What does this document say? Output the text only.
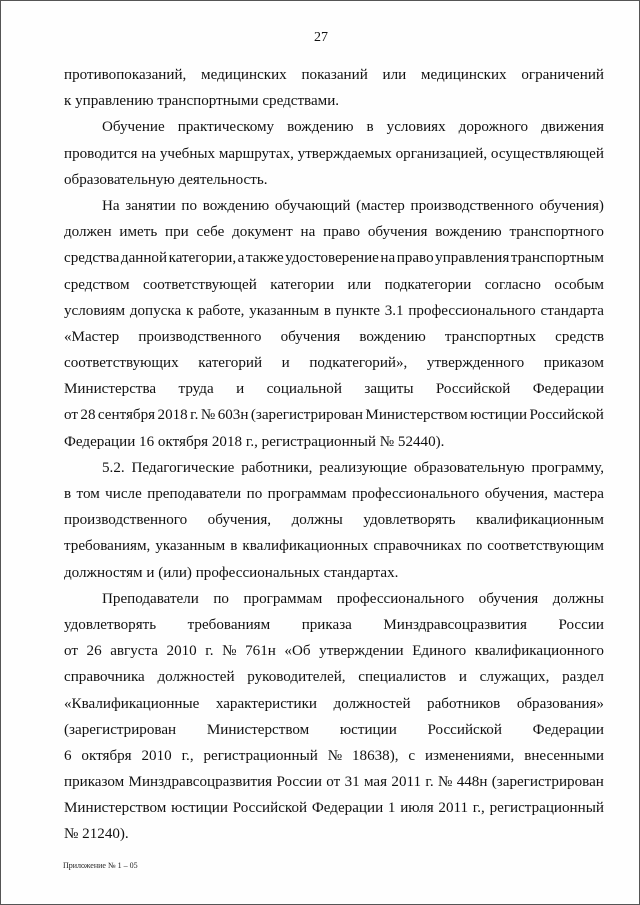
27
противопоказаний, медицинских показаний или медицинских ограничений
к управлению транспортными средствами.
Обучение практическому вождению в условиях дорожного движения
проводится на учебных маршрутах, утверждаемых организацией, осуществляющей
образовательную деятельность.
На занятии по вождению обучающий (мастер производственного обучения)
должен иметь при себе документ на право обучения вождению транспортного
средства данной категории, а также удостоверение на право управления транспортным
средством соответствующей категории или подкатегории согласно особым
условиям допуска к работе, указанным в пункте 3.1 профессионального стандарта
«Мастер производственного обучения вождению транспортных средств
соответствующих категорий и подкатегорий», утвержденного приказом
Министерства труда и социальной защиты Российской Федерации
от 28 сентября 2018 г. № 603н (зарегистрирован Министерством юстиции Российской
Федерации 16 октября 2018 г., регистрационный № 52440).
5.2. Педагогические работники, реализующие образовательную программу,
в том числе преподаватели по программам профессионального обучения, мастера
производственного обучения, должны удовлетворять квалификационным
требованиям, указанным в квалификационных справочниках по соответствующим
должностям и (или) профессиональных стандартах.
Преподаватели по программам профессионального обучения должны
удовлетворять требованиям приказа Минздравсоцразвития России
от 26 августа 2010 г. № 761н «Об утверждении Единого квалификационного
справочника должностей руководителей, специалистов и служащих, раздел
«Квалификационные характеристики должностей работников образования»
(зарегистрирован Министерством юстиции Российской Федерации
6 октября 2010 г., регистрационный № 18638), с изменениями, внесенными
приказом Минздравсоцразвития России от 31 мая 2011 г. № 448н (зарегистрирован
Министерством юстиции Российской Федерации 1 июля 2011 г., регистрационный
№ 21240).
Приложение № 1 – 05
